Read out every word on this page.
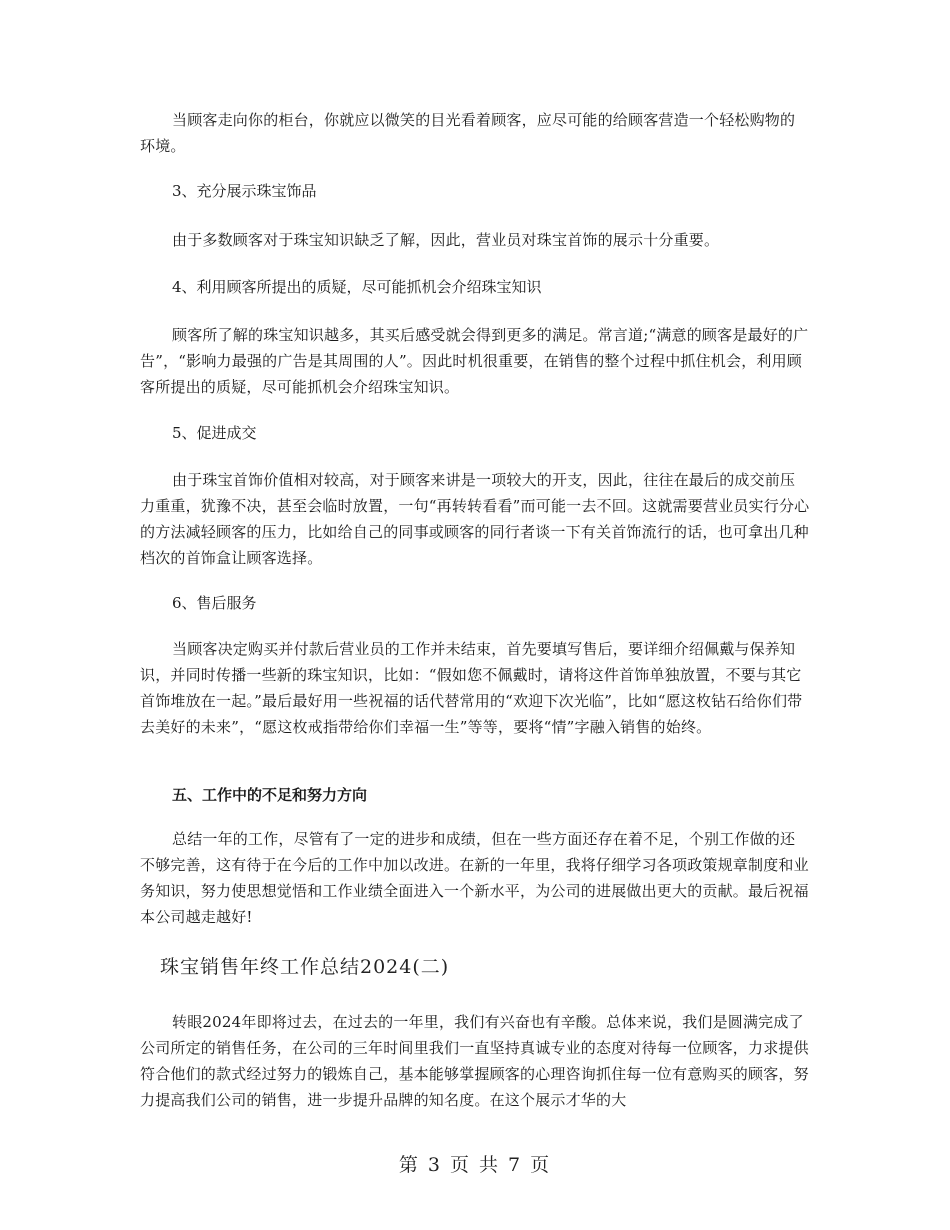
当顾客走向你的柜台，你就应以微笑的目光看着顾客，应尽可能的给顾客营造一个轻松购物的环境。

3、充分展示珠宝饰品

由于多数顾客对于珠宝知识缺乏了解，因此，营业员对珠宝首饰的展示十分重要。

4、利用顾客所提出的质疑，尽可能抓机会介绍珠宝知识

顾客所了解的珠宝知识越多，其买后感受就会得到更多的满足。常言道;“满意的顾客是最好的广告”，“影响力最强的广告是其周围的人”。因此时机很重要，在销售的整个过程中抓住机会，利用顾客所提出的质疑，尽可能抓机会介绍珠宝知识。

5、促进成交

由于珠宝首饰价值相对较高，对于顾客来讲是一项较大的开支，因此，往往在最后的成交前压力重重，犹豫不决，甚至会临时放置，一句“再转转看看”而可能一去不回。这就需要营业员实行分心的方法减轻顾客的压力，比如给自己的同事或顾客的同行者谈一下有关首饰流行的话，也可拿出几种档次的首饰盒让顾客选择。

6、售后服务

当顾客决定购买并付款后营业员的工作并未结束，首先要填写售后，要详细介绍佩戴与保养知识，并同时传播一些新的珠宝知识，比如：“假如您不佩戴时，请将这件首饰单独放置，不要与其它首饰堆放在一起。”最后最好用一些祝福的话代替常用的“欢迎下次光临”，比如“愿这枚钻石给你们带去美好的未来”，“愿这枚戒指带给你们幸福一生”等等，要将“情”字融入销售的始终。

五、工作中的不足和努力方向

总结一年的工作，尽管有了一定的进步和成绩，但在一些方面还存在着不足，个别工作做的还不够完善，这有待于在今后的工作中加以改进。在新的一年里，我将仔细学习各项政策规章制度和业务知识，努力使思想觉悟和工作业绩全面进入一个新水平，为公司的进展做出更大的贡献。最后祝福本公司越走越好!

珠宝销售年终工作总结2024(二)

转眼2024年即将过去，在过去的一年里，我们有兴奋也有辛酸。总体来说，我们是圆满完成了公司所定的销售任务，在公司的三年时间里我们一直坚持真诚专业的态度对待每一位顾客，力求提供符合他们的款式经过努力的锻炼自己，基本能够掌握顾客的心理咨询抓住每一位有意购买的顾客，努力提高我们公司的销售，进一步提升品牌的知名度。在这个展示才华的大

第 3 页 共 7 页
